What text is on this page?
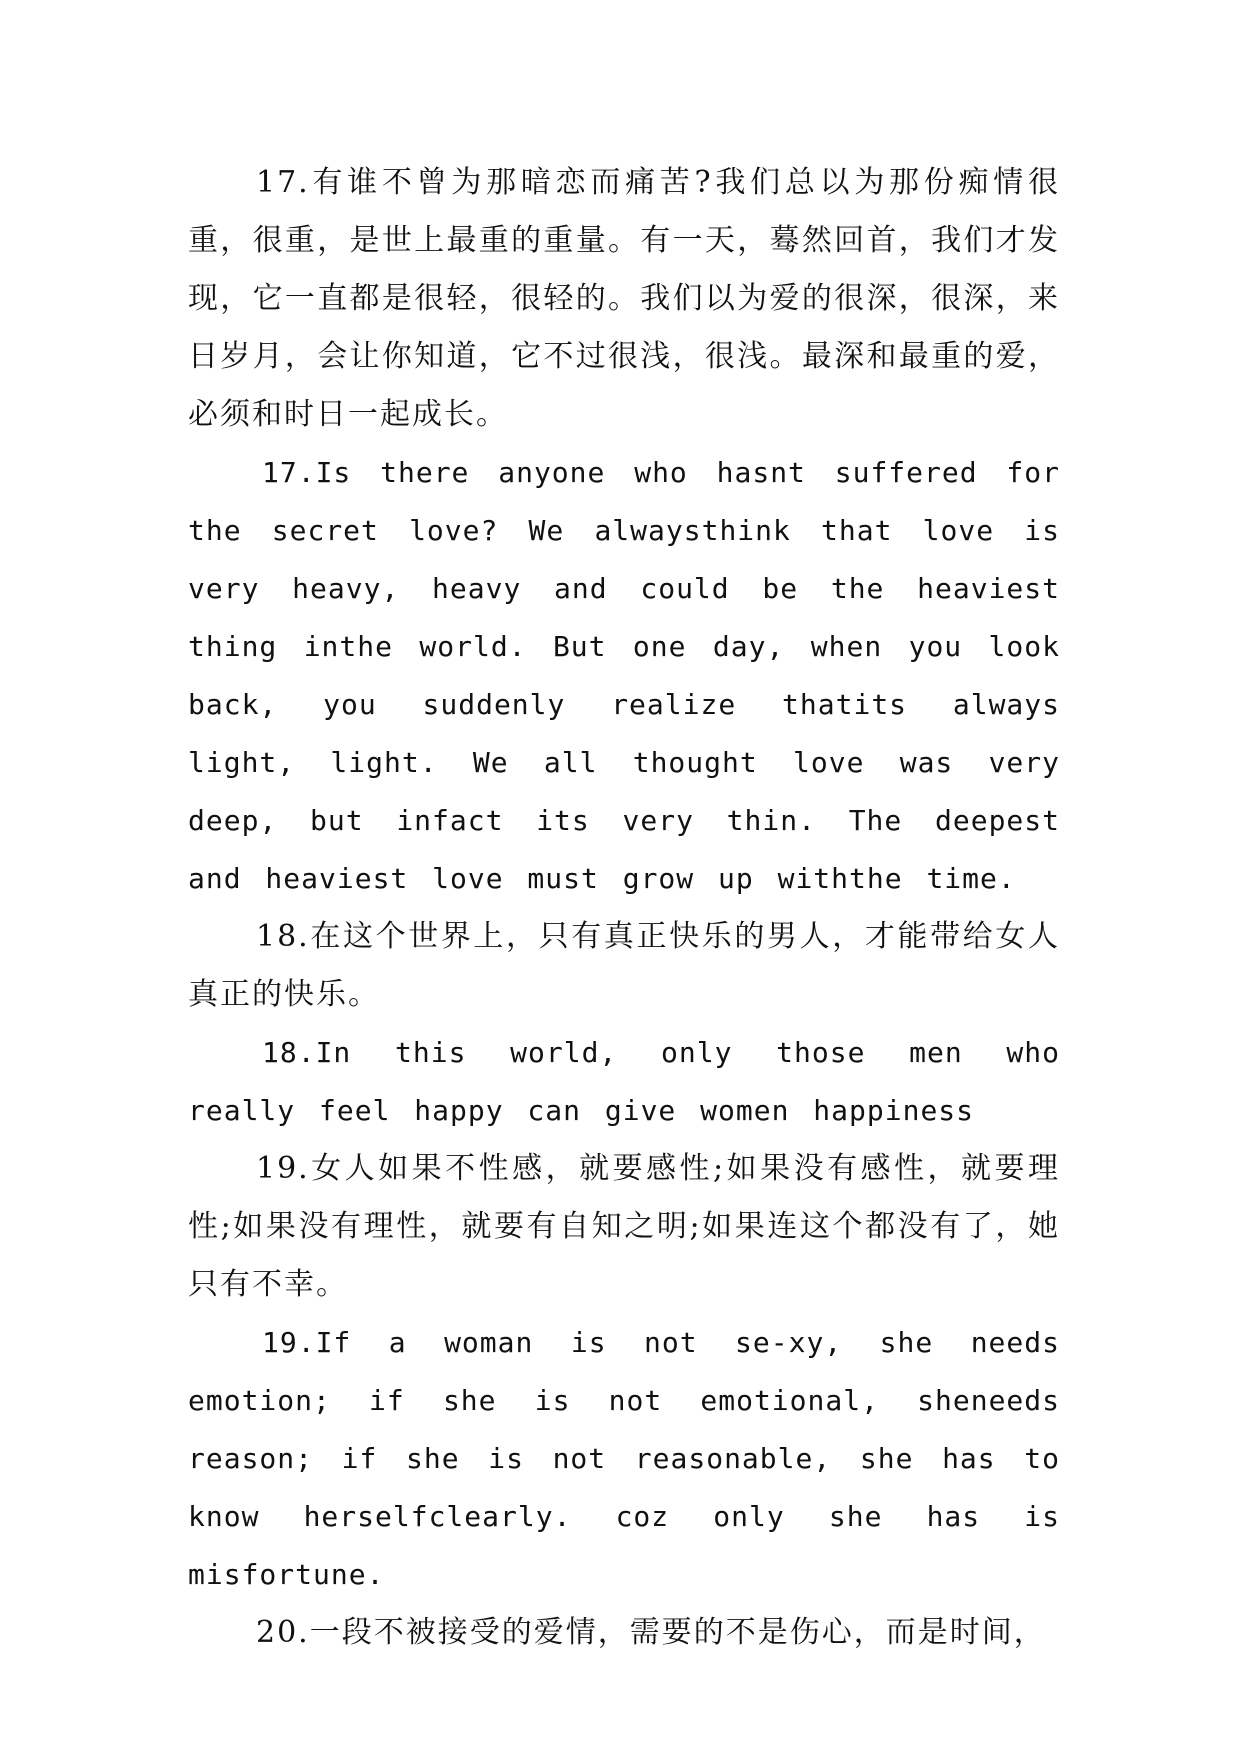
17.有谁不曾为那暗恋而痛苦?我们总以为那份痴情很重，很重，是世上最重的重量。有一天，蓦然回首，我们才发现，它一直都是很轻，很轻的。我们以为爱的很深，很深，来日岁月，会让你知道，它不过很浅，很浅。最深和最重的爱，必须和时日一起成长。

17.Is there anyone who hasnt suffered for the secret love? We alwaysthink that love is very heavy, heavy and could be the heaviest thing inthe world. But one day, when you look back, you suddenly realize thatits always light, light. We all thought love was very deep, but infact its very thin. The deepest and heaviest love must grow up withthe time.

18.在这个世界上，只有真正快乐的男人，才能带给女人真正的快乐。

18.In this world, only those men who really feel happy can give women happiness

19.女人如果不性感，就要感性;如果没有感性，就要理性;如果没有理性，就要有自知之明;如果连这个都没有了，她只有不幸。

19.If a woman is not se-xy, she needs emotion; if she is not emotional, sheneeds reason; if she is not reasonable, she has to know herselfclearly. coz only she has is misfortune.

20.一段不被接受的爱情，需要的不是伤心，而是时间，
